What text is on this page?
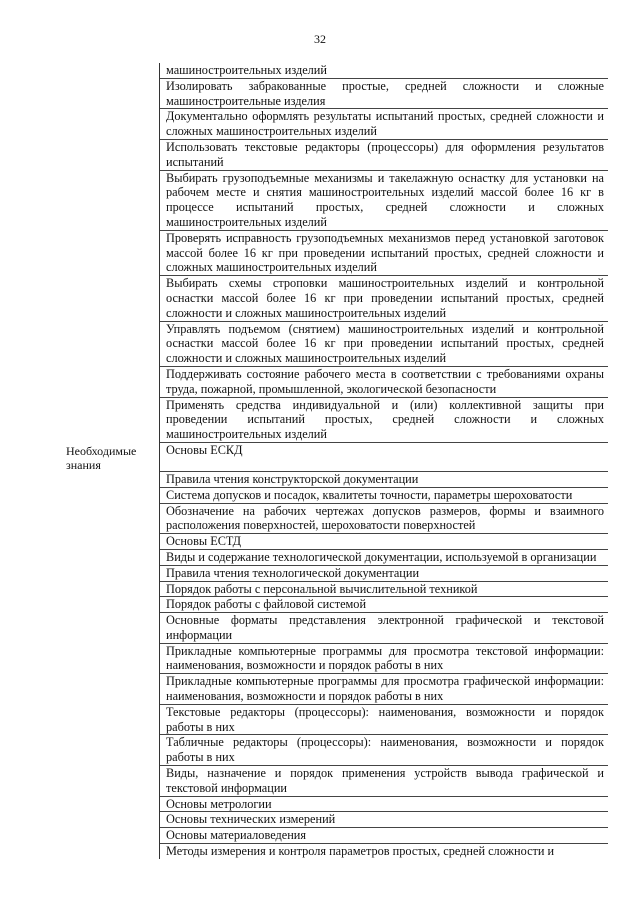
32
машиностроительных изделий
Изолировать забракованные простые, средней сложности и сложные машиностроительные изделия
Документально оформлять результаты испытаний простых, средней сложности и сложных машиностроительных изделий
Использовать текстовые редакторы (процессоры) для оформления результатов испытаний
Выбирать грузоподъемные механизмы и такелажную оснастку для установки на рабочем месте и снятия машиностроительных изделий массой более 16 кг в процессе испытаний простых, средней сложности и сложных машиностроительных изделий
Проверять исправность грузоподъемных механизмов перед установкой заготовок массой более 16 кг при проведении испытаний простых, средней сложности и сложных машиностроительных изделий
Выбирать схемы строповки машиностроительных изделий и контрольной оснастки массой более 16 кг при проведении испытаний простых, средней сложности и сложных машиностроительных изделий
Управлять подъемом (снятием) машиностроительных изделий и контрольной оснастки массой более 16 кг при проведении испытаний простых, средней сложности и сложных машиностроительных изделий
Поддерживать состояние рабочего места в соответствии с требованиями охраны труда, пожарной, промышленной, экологической безопасности
Применять средства индивидуальной и (или) коллективной защиты при проведении испытаний простых, средней сложности и сложных машиностроительных изделий
Необходимые знания
Основы ЕСКД
Правила чтения конструкторской документации
Система допусков и посадок, квалитеты точности, параметры шероховатости
Обозначение на рабочих чертежах допусков размеров, формы и взаимного расположения поверхностей, шероховатости поверхностей
Основы ЕСТД
Виды и содержание технологической документации, используемой в организации
Правила чтения технологической документации
Порядок работы с персональной вычислительной техникой
Порядок работы с файловой системой
Основные форматы представления электронной графической и текстовой информации
Прикладные компьютерные программы для просмотра текстовой информации: наименования, возможности и порядок работы в них
Прикладные компьютерные программы для просмотра графической информации: наименования, возможности и порядок работы в них
Текстовые редакторы (процессоры): наименования, возможности и порядок работы в них
Табличные редакторы (процессоры): наименования, возможности и порядок работы в них
Виды, назначение и порядок применения устройств вывода графической и текстовой информации
Основы метрологии
Основы технических измерений
Основы материаловедения
Методы измерения и контроля параметров простых, средней сложности и
